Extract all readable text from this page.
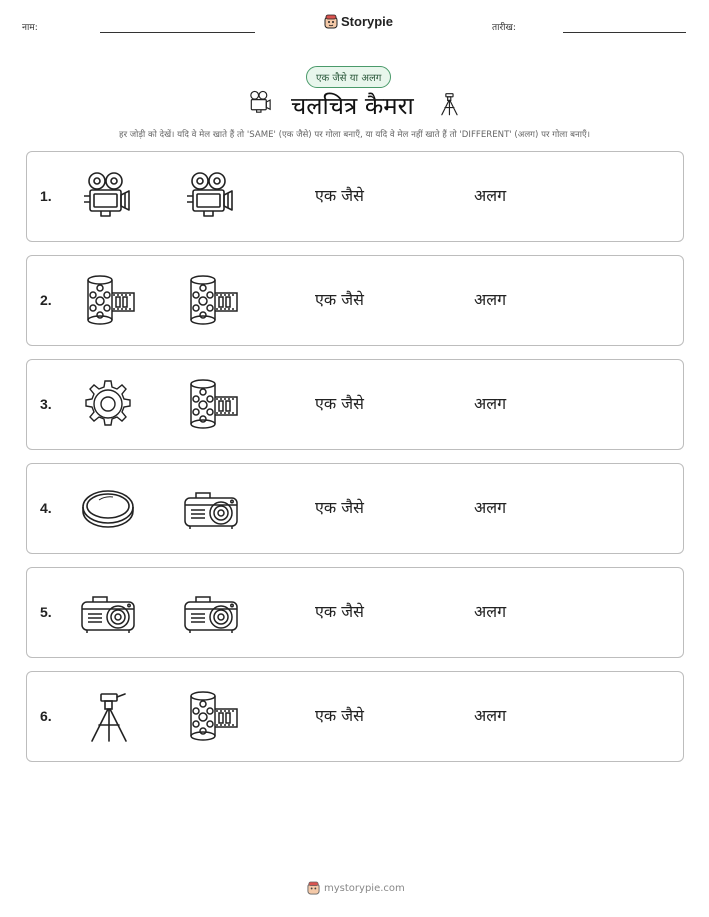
नाम:	Storypie	तारीख:
एक जैसे या अलग
चलचित्र कैमरा
हर जोड़ी को देखें। यदि वे मेल खाते हैं तो 'SAME' (एक जैसे) पर गोला बनाएँ, या यदि वे मेल नहीं खाते हैं तो 'DIFFERENT' (अलग) पर गोला बनाएँ।
1.	एक जैसे	अलग
2.	एक जैसे	अलग
3.	एक जैसे	अलग
4.	एक जैसे	अलग
5.	एक जैसे	अलग
6.	एक जैसे	अलग
mystorypie.com
